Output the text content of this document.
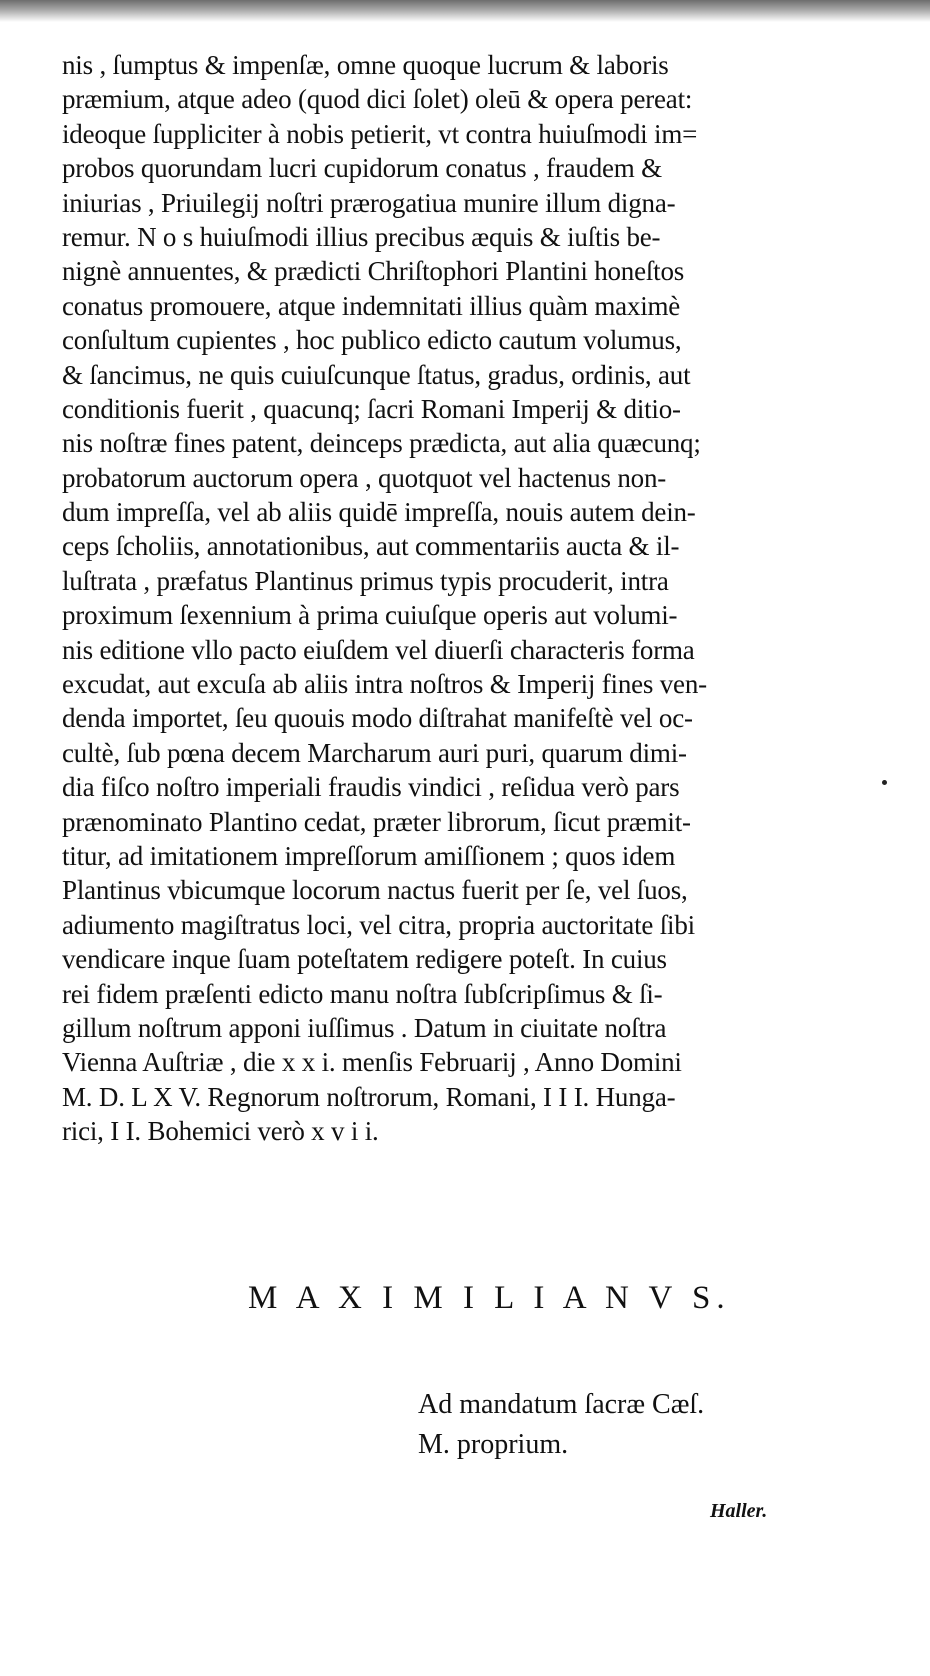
nis , ſumptus & impenſæ, omne quoque lucrum & laboris
præmium, atque adeo (quod dici ſolet) oleū & opera pereat:
ideoque ſuppliciter à nobis petierit, vt contra huiuſmodi im=
probos quorundam lucri cupidorum conatus , fraudem &
iniurias , Priuilegij noſtri prærogatiua munire illum digna-
remur. N o s huiuſmodi illius precibus æquis & iuſtis be-
nignè annuentes, & prædicti Chriſtophori Plantini honeſtos
conatus promouere, atque indemnitati illius quàm maximè
conſultum cupientes , hoc publico edicto cautum volumus,
& ſancimus, ne quis cuiuſcunque ſtatus, gradus, ordinis, aut
conditionis fuerit , quacunq; ſacri Romani Imperij & ditio-
nis noſtræ fines patent, deinceps prædicta, aut alia quæcunq;
probatorum auctorum opera , quotquot vel hactenus non-
dum impreſſa, vel ab aliis quidē impreſſa, nouis autem dein-
ceps ſcholiis, annotationibus, aut commentariis aucta & il-
luſtrata , præfatus Plantinus primus typis procuderit, intra
proximum ſexennium à prima cuiuſque operis aut volumi-
nis editione vllo pacto eiuſdem vel diuerſi characteris forma
excudat, aut excuſa ab aliis intra noſtros & Imperij fines ven-
denda importet, ſeu quouis modo diſtrahat manifeſtè vel oc-
cultè, ſub pœna decem Marcharum auri puri, quarum dimi-
dia fiſco noſtro imperiali fraudis vindici , reſidua verò pars
prænominato Plantino cedat, præter librorum, ſicut præmit-
titur, ad imitationem impreſſorum amiſſionem ; quos idem
Plantinus vbicumque locorum nactus fuerit per ſe, vel ſuos,
adiumento magiſtratus loci, vel citra, propria auctoritate ſibi
vendicare inque ſuam poteſtatem redigere poteſt. In cuius
rei fidem præſenti edicto manu noſtra ſubſcripſimus & ſi-
gillum noſtrum apponi iuſſimus . Datum in ciuitate noſtra
Vienna Auſtriæ , die x x i. menſis Februarij , Anno Domini
M. D. L X V. Regnorum noſtrorum, Romani, I I I. Hunga-
rici, I I. Bohemici verò x v i i.
M A X I M I L I A N V S.
Ad mandatum ſacræ Cæſ.
M. proprium.
Haller.
